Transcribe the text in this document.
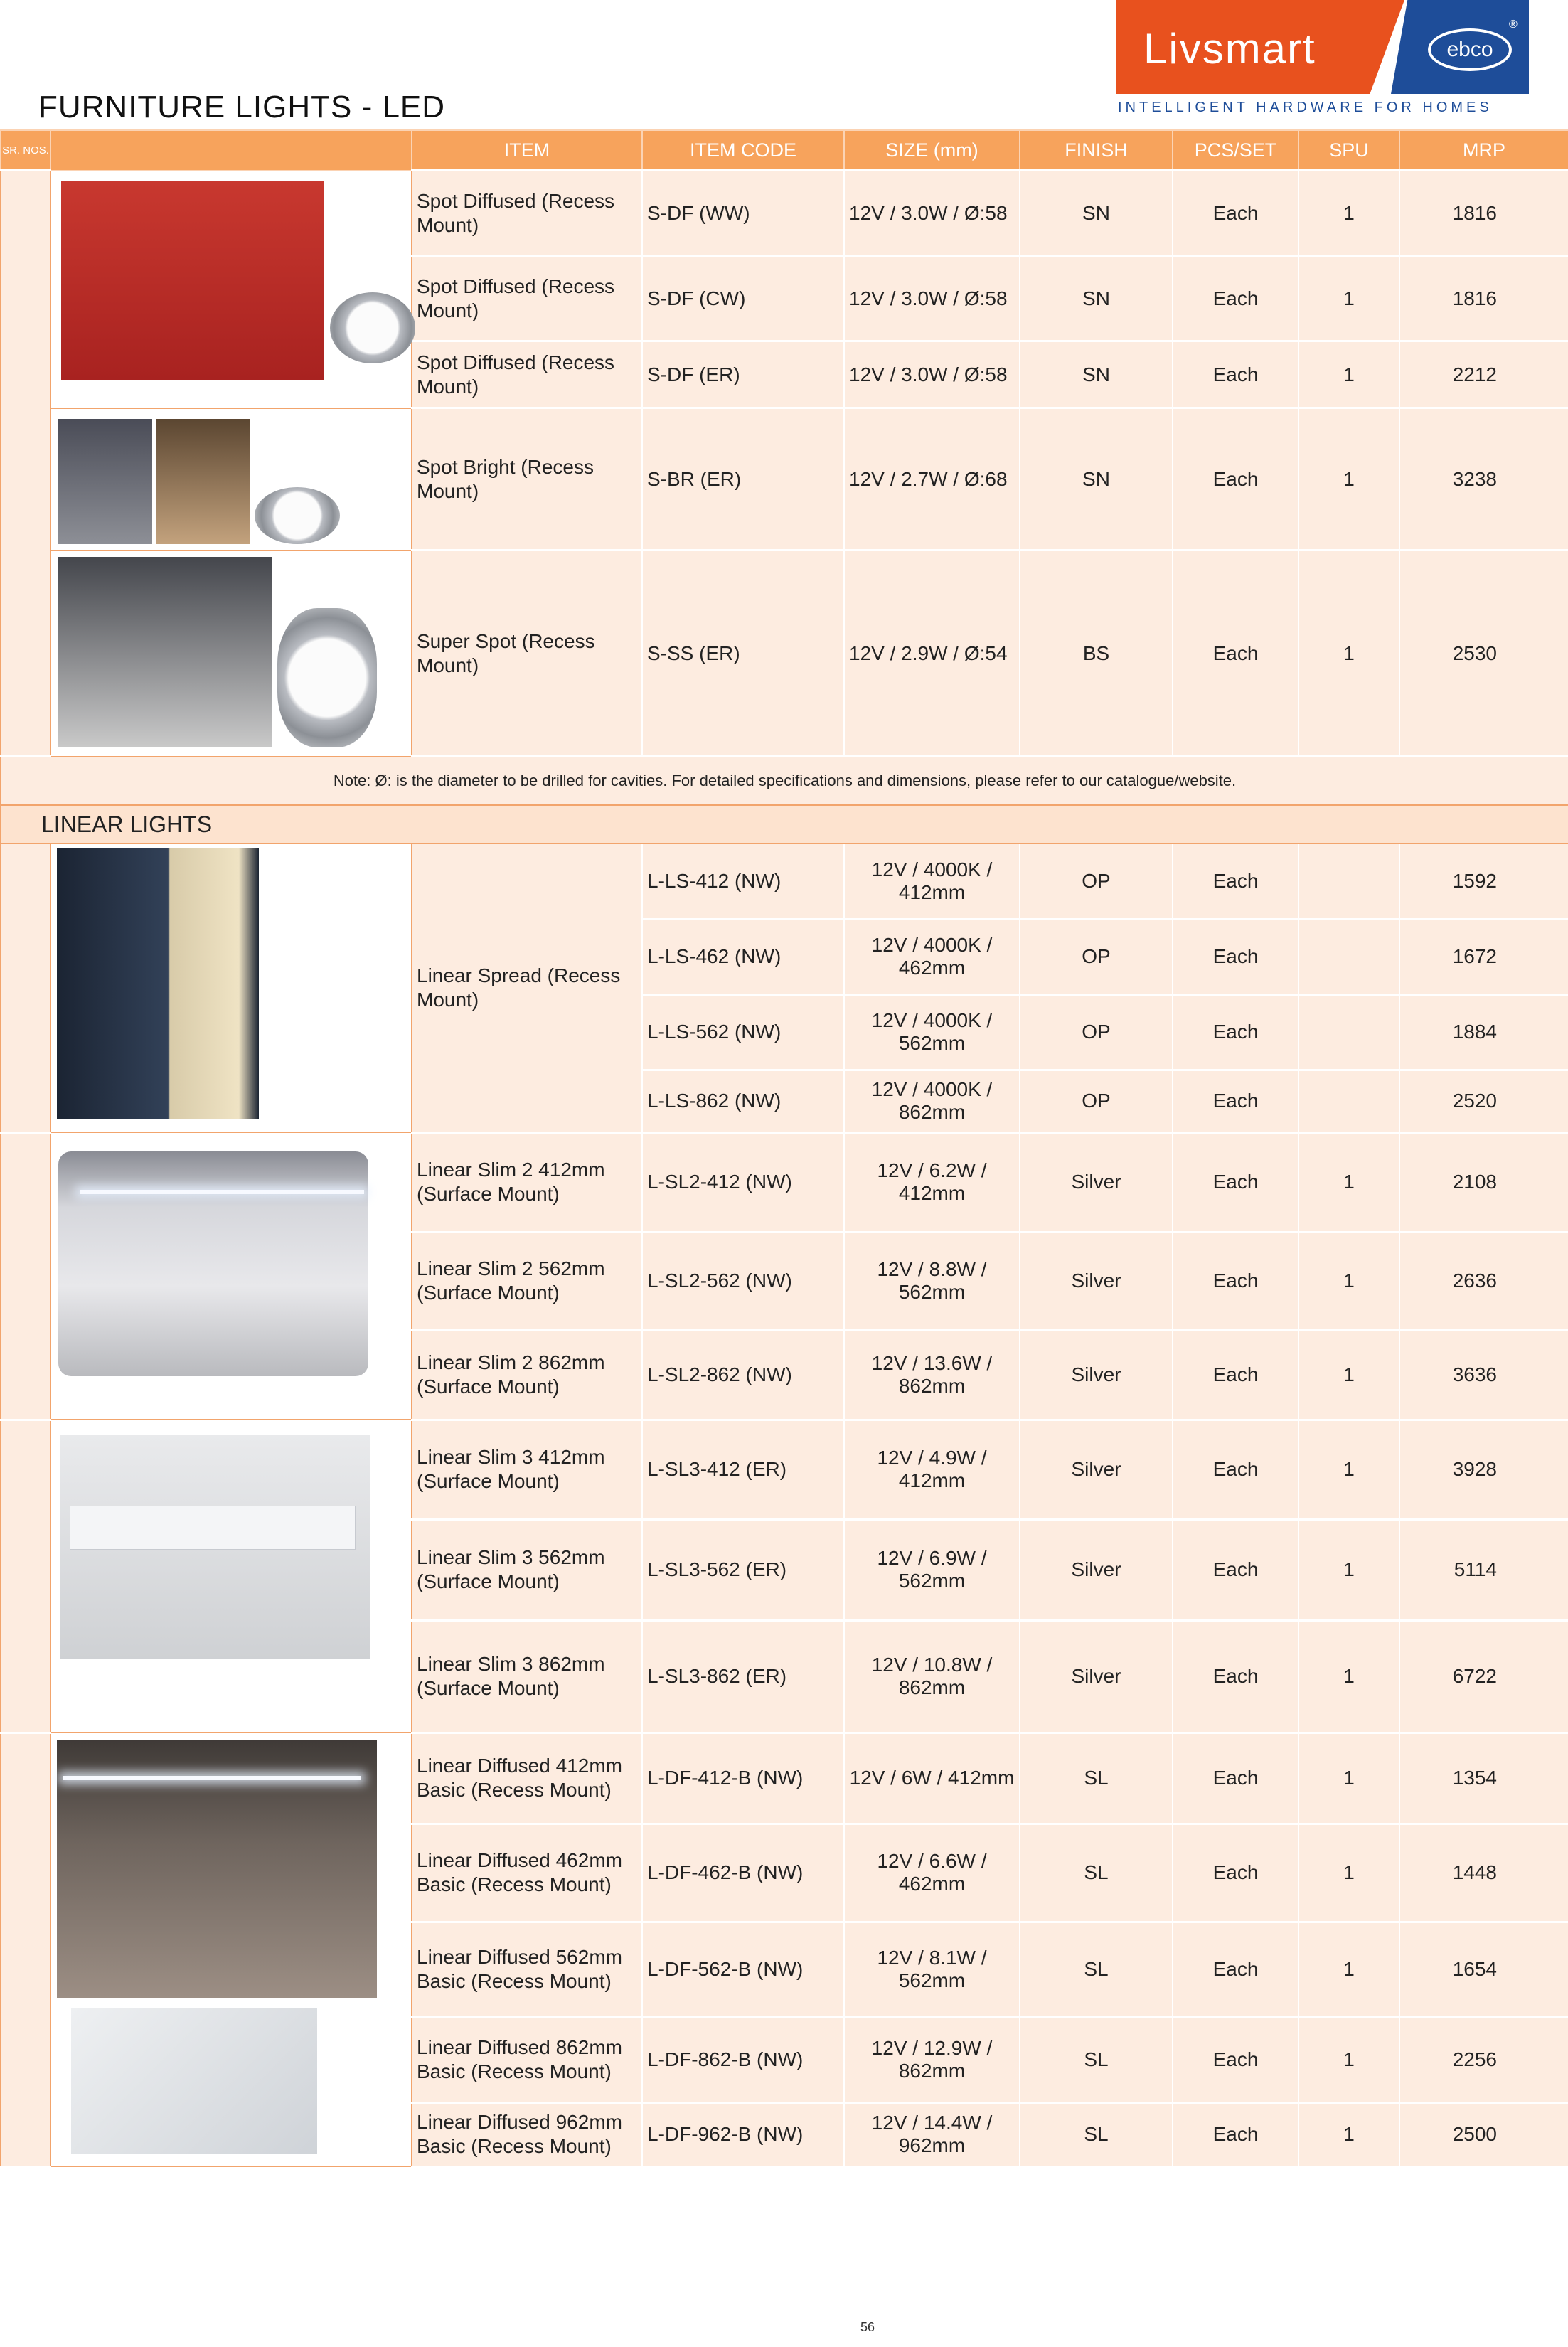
FURNITURE LIGHTS - LED
Livsmart	ebco
®
INTELLIGENT HARDWARE FOR HOMES
SR. NOS.		ITEM	ITEM CODE	SIZE (mm)	FINISH	PCS/SET	SPU	MRP

	Spot Diffused (Recess Mount)	S-DF (WW)	12V / 3.0W / Ø:58	SN	Each	1	1816
		Spot Diffused (Recess Mount)	S-DF (CW)	12V / 3.0W / Ø:58	SN	Each	1	1816
		Spot Diffused (Recess Mount)	S-DF (ER)	12V / 3.0W / Ø:58	SN	Each	1	2212

		Spot Bright (Recess Mount)	S-BR (ER)	12V / 2.7W / Ø:68	SN	Each	1	3238

		Super Spot (Recess Mount)	S-SS (ER)	12V / 2.9W / Ø:54	BS	Each	1	2530
Note: Ø: is the diameter to be drilled for cavities. For detailed specifications and dimensions, please refer to our catalogue/website.								
LINEAR LIGHTS								

	Linear Spread (Recess Mount)	L-LS-412 (NW)	12V / 4000K / 412mm	OP	Each		1592
			L-LS-462 (NW)	12V / 4000K / 462mm	OP	Each		1672
			L-LS-562 (NW)	12V / 4000K / 562mm	OP	Each		1884
			L-LS-862 (NW)	12V / 4000K / 862mm	OP	Each		2520

	Linear Slim 2 412mm (Surface Mount)	L-SL2-412 (NW)	12V / 6.2W / 412mm	Silver	Each	1	2108
		Linear Slim 2 562mm (Surface Mount)	L-SL2-562 (NW)	12V / 8.8W / 562mm	Silver	Each	1	2636
		Linear Slim 2 862mm (Surface Mount)	L-SL2-862 (NW)	12V / 13.6W / 862mm	Silver	Each	1	3636

	Linear Slim 3 412mm (Surface Mount)	L-SL3-412 (ER)	12V / 4.9W / 412mm	Silver	Each	1	3928
		Linear Slim 3 562mm (Surface Mount)	L-SL3-562 (ER)	12V / 6.9W / 562mm	Silver	Each	1	5114
		Linear Slim 3 862mm (Surface Mount)	L-SL3-862 (ER)	12V / 10.8W / 862mm	Silver	Each	1	6722

	Linear Diffused 412mm Basic (Recess Mount)	L-DF-412-B (NW)	12V / 6W / 412mm	SL	Each	1	1354
		Linear Diffused 462mm Basic (Recess Mount)	L-DF-462-B (NW)	12V / 6.6W / 462mm	SL	Each	1	1448
		Linear Diffused 562mm Basic (Recess Mount)	L-DF-562-B (NW)	12V / 8.1W / 562mm	SL	Each	1	1654
		Linear Diffused 862mm Basic (Recess Mount)	L-DF-862-B (NW)	12V / 12.9W / 862mm	SL	Each	1	2256
		Linear Diffused 962mm Basic (Recess Mount)	L-DF-962-B (NW)	12V / 14.4W / 962mm	SL	Each	1	2500
56
